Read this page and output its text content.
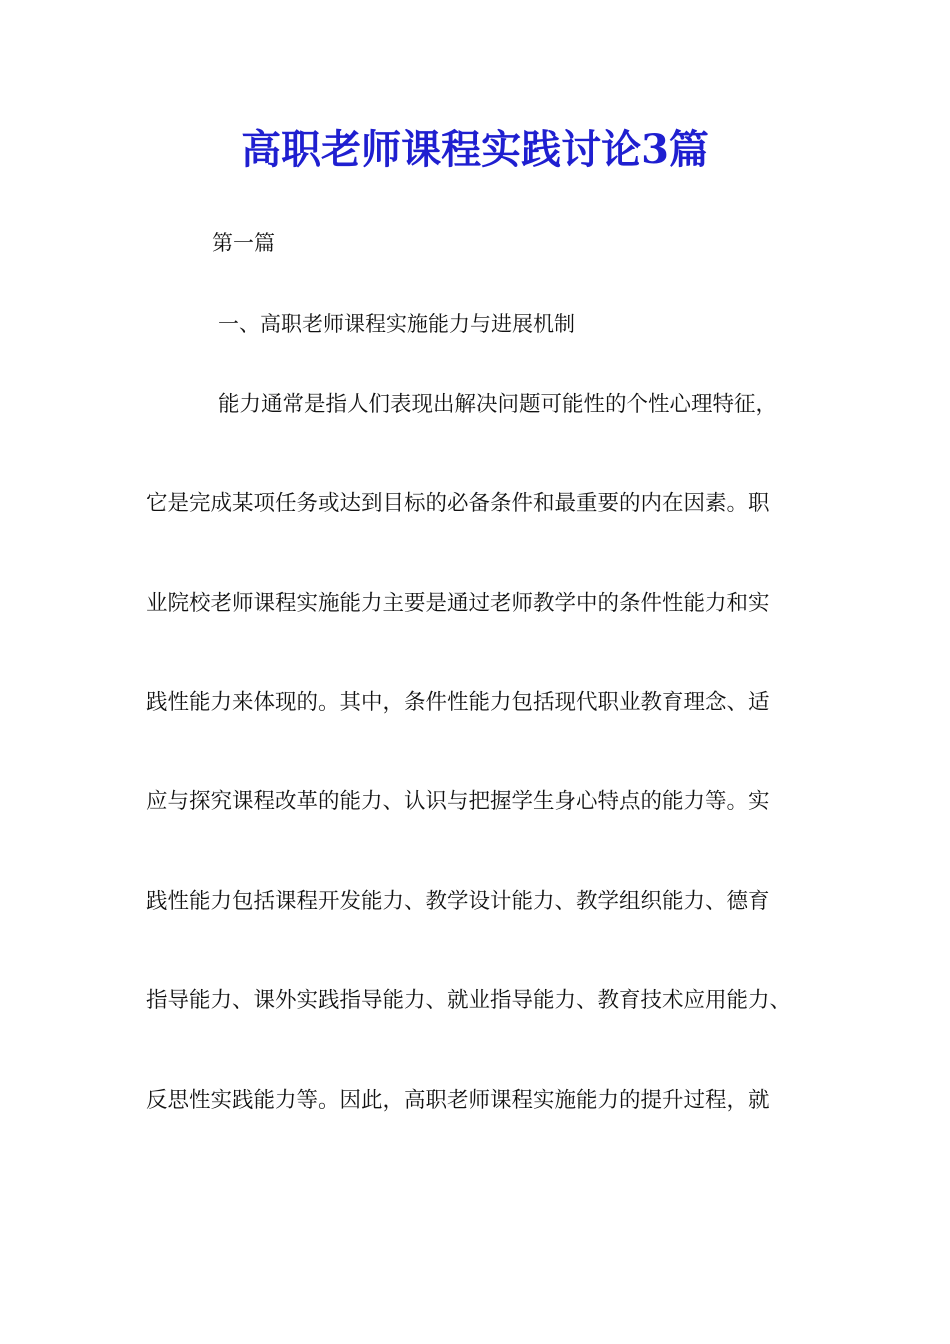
高职老师课程实践讨论3篇

第一篇

一、高职老师课程实施能力与进展机制

能力通常是指人们表现出解决问题可能性的个性心理特征，

它是完成某项任务或达到目标的必备条件和最重要的内在因素。职

业院校老师课程实施能力主要是通过老师教学中的条件性能力和实

践性能力来体现的。其中，条件性能力包括现代职业教育理念、适

应与探究课程改革的能力、认识与把握学生身心特点的能力等。实

践性能力包括课程开发能力、教学设计能力、教学组织能力、德育

指导能力、课外实践指导能力、就业指导能力、教育技术应用能力、

反思性实践能力等。因此，高职老师课程实施能力的提升过程，就
